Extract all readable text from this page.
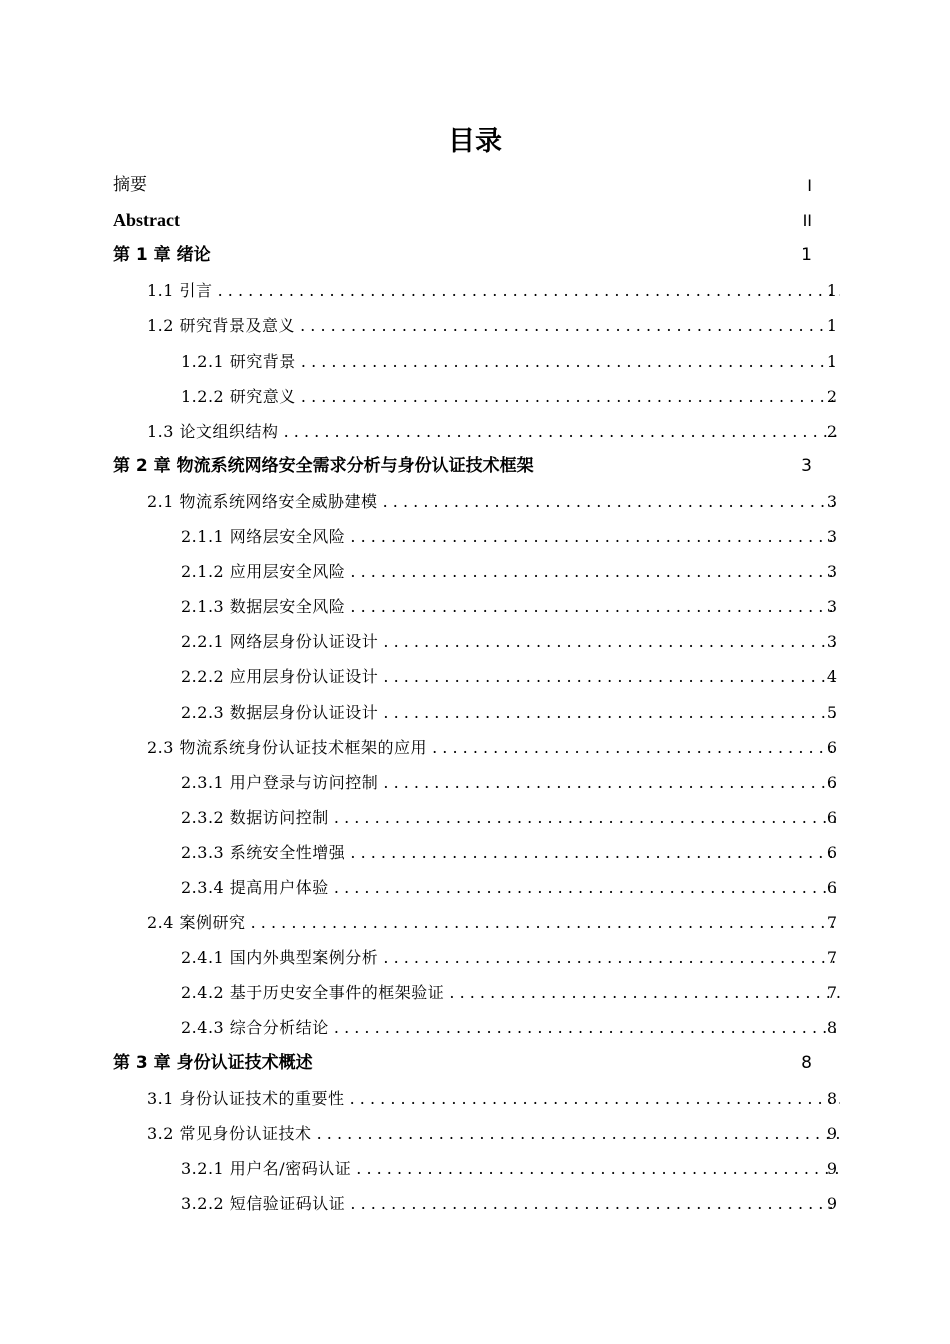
目录
摘要	I
Abstract	II
第 1 章 绪论	1
1.1 引言 . . .	1
1.2 研究背景及意义 . . .	1
1.2.1 研究背景 . . .	1
1.2.2 研究意义 . . .	2
1.3 论文组织结构 . . .	2
第 2 章 物流系统网络安全需求分析与身份认证技术框架	3
2.1 物流系统网络安全威胁建模 . . .	3
2.1.1 网络层安全风险 . . .	3
2.1.2 应用层安全风险 . . .	3
2.1.3 数据层安全风险 . . .	3
2.2.1 网络层身份认证设计 . . .	3
2.2.2 应用层身份认证设计 . . .	4
2.2.3 数据层身份认证设计 . . .	5
2.3 物流系统身份认证技术框架的应用 . . .	6
2.3.1 用户登录与访问控制 . . .	6
2.3.2 数据访问控制 . . .	6
2.3.3 系统安全性增强 . . .	6
2.3.4 提高用户体验 . . .	6
2.4 案例研究 . . .	7
2.4.1 国内外典型案例分析 . . .	7
2.4.2 基于历史安全事件的框架验证 . . .	7
2.4.3 综合分析结论 . . .	8
第 3 章 身份认证技术概述	8
3.1 身份认证技术的重要性 . . .	8
3.2 常见身份认证技术 . . .	9
3.2.1 用户名/密码认证 . . .	9
3.2.2 短信验证码认证 . . .	9
